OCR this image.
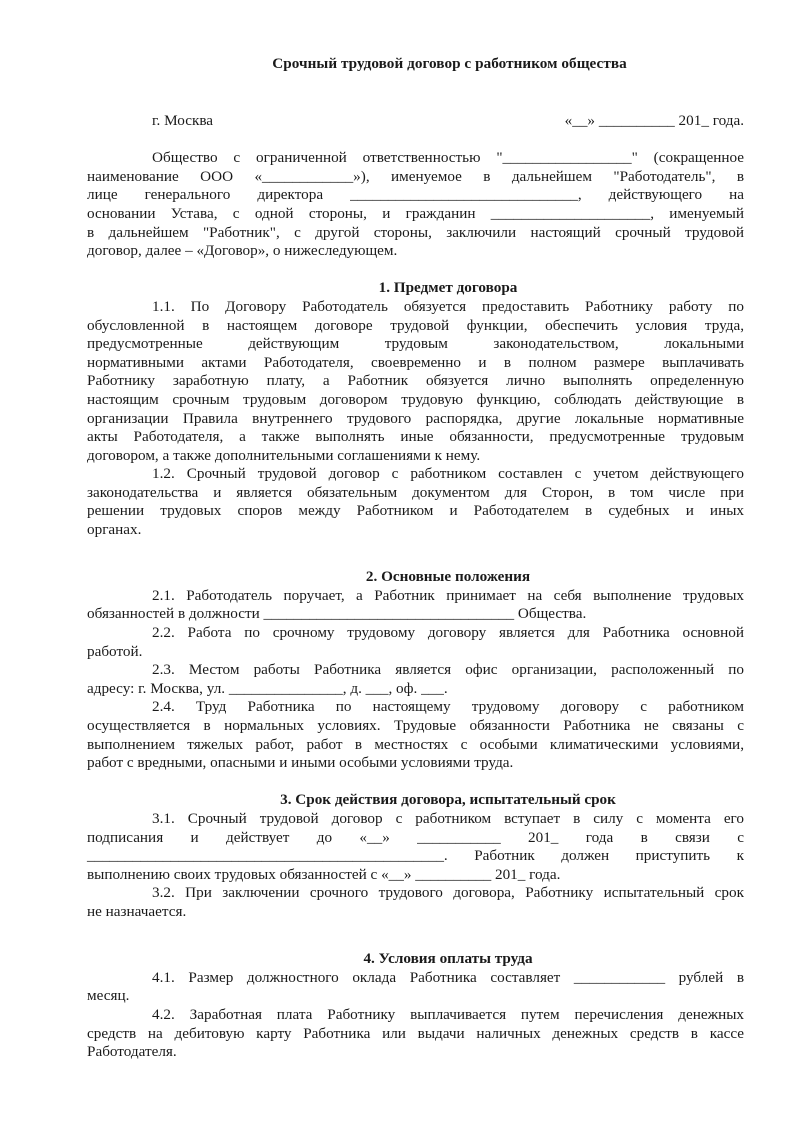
Срочный трудовой договор с работником общества
г. Москва	«__» __________ 201_ года.
Общество с ограниченной ответственностью "_________________" (сокращенное
наименование ООО «____________»), именуемое в дальнейшем "Работодатель", в
лице генерального директора ______________________________, действующего на
основании Устава, с одной стороны, и гражданин _____________________, именуемый
в дальнейшем "Работник", с другой стороны, заключили настоящий срочный трудовой
договор, далее – «Договор», о нижеследующем.
1. Предмет договора
1.1. По Договору Работодатель обязуется предоставить Работнику работу по
обусловленной в настоящем договоре трудовой функции, обеспечить условия труда,
предусмотренные действующим трудовым законодательством, локальными
нормативными актами Работодателя, своевременно и в полном размере выплачивать
Работнику заработную плату, а Работник обязуется лично выполнять определенную
настоящим срочным трудовым договором трудовую функцию, соблюдать действующие в
организации Правила внутреннего трудового распорядка, другие локальные нормативные
акты Работодателя, а также выполнять иные обязанности, предусмотренные трудовым
договором, а также дополнительными соглашениями к нему.
1.2. Срочный трудовой договор с работником составлен с учетом действующего
законодательства и является обязательным документом для Сторон, в том числе при
решении трудовых споров между Работником и Работодателем в судебных и иных
органах.
2. Основные положения
2.1. Работодатель поручает, а Работник принимает на себя выполнение трудовых
обязанностей в должности _________________________________ Общества.
2.2. Работа по срочному трудовому договору является для Работника основной
работой.
2.3. Местом работы Работника является офис организации, расположенный по
адресу: г. Москва, ул. _______________, д. ___, оф. ___.
2.4. Труд Работника по настоящему трудовому договору с работником
осуществляется в нормальных условиях. Трудовые обязанности Работника не связаны с
выполнением тяжелых работ, работ в местностях с особыми климатическими условиями,
работ с вредными, опасными и иными особыми условиями труда.
3. Срок действия договора, испытательный срок
3.1. Срочный трудовой договор с работником вступает в силу с момента его
подписания и действует до «__» ___________ 201_ года в связи с
_______________________________________________. Работник должен приступить к
выполнению своих трудовых обязанностей с «__» __________ 201_ года.
3.2. При заключении срочного трудового договора, Работнику испытательный срок
не назначается.
4. Условия оплаты труда
4.1. Размер должностного оклада Работника составляет ____________ рублей в
месяц.
4.2. Заработная плата Работнику выплачивается путем перечисления денежных
средств на дебитовую карту Работника или выдачи наличных денежных средств в кассе
Работодателя.
